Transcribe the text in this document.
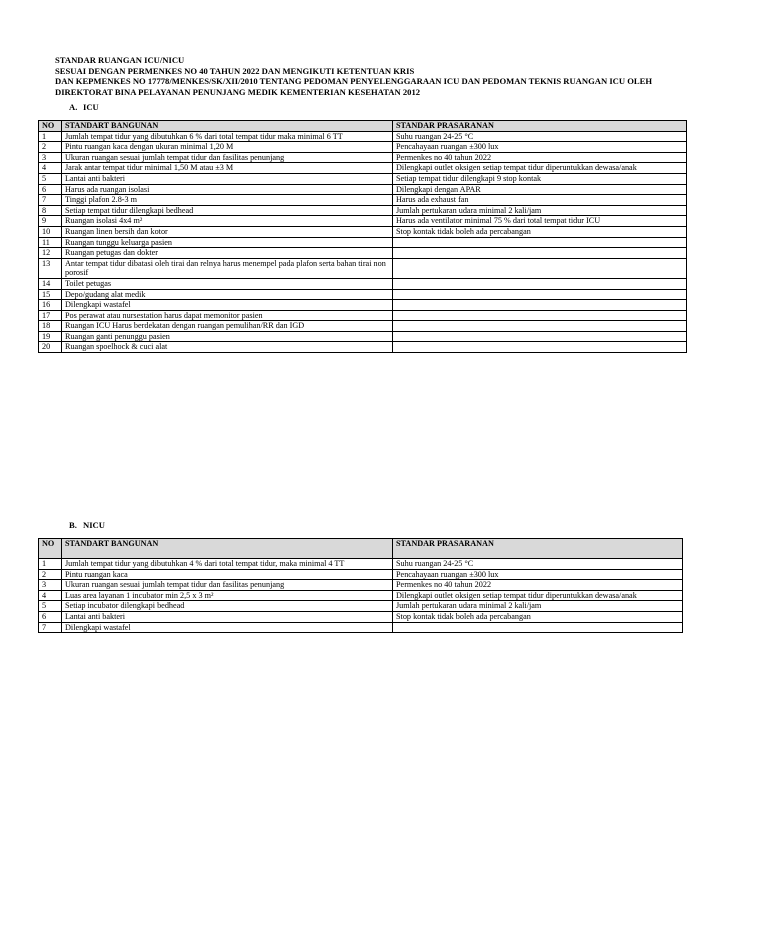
STANDAR RUANGAN ICU/NICU
SESUAI DENGAN PERMENKES NO 40 TAHUN 2022 DAN MENGIKUTI KETENTUAN KRIS
DAN KEPMENKES NO 17778/MENKES/SK/XII/2010 TENTANG PEDOMAN PENYELENGGARAAN ICU DAN PEDOMAN TEKNIS RUANGAN ICU OLEH
DIREKTORAT BINA PELAYANAN PENUNJANG MEDIK KEMENTERIAN KESEHATAN 2012
A. ICU
NO	STANDART BANGUNAN	STANDAR PRASARANAN
1	Jumlah tempat tidur yang dibutuhkan 6 % dari total tempat tidur maka minimal 6 TT	Suhu ruangan 24-25 °C
2	Pintu ruangan kaca dengan ukuran minimal 1,20 M	Pencahayaan ruangan ±300 lux
3	Ukuran ruangan sesuai jumlah tempat tidur dan fasilitas penunjang	Permenkes no 40 tahun 2022
4	Jarak antar tempat tidur minimal 1,50 M atau ±3 M	Dilengkapi outlet oksigen setiap tempat tidur diperuntukkan dewasa/anak
5	Lantai anti bakteri	Setiap tempat tidur dilengkapi 9 stop kontak
6	Harus ada ruangan isolasi	Dilengkapi dengan APAR
7	Tinggi plafon 2.8-3 m	Harus ada exhaust fan
8	Setiap tempat tidur dilengkapi bedhead	Jumlah pertukaran udara minimal 2 kali/jam
9	Ruangan isolasi 4x4 m²	Harus ada ventilator minimal 75 % dari total tempat tidur ICU
10	Ruangan linen bersih dan kotor	Stop kontak tidak boleh ada percabangan
11	Ruangan tunggu keluarga pasien	
12	Ruangan petugas dan dokter	
13	Antar tempat tidur dibatasi oleh tirai dan relnya harus menempel pada plafon serta bahan tirai non porosif	
14	Toilet petugas	
15	Depo/gudang alat medik	
16	Dilengkapi wastafel	
17	Pos perawat atau nursestation harus dapat memonitor pasien	
18	Ruangan ICU Harus berdekatan dengan ruangan pemulihan/RR dan IGD	
19	Ruangan ganti penunggu pasien	
20	Ruangan spoelhock & cuci alat	
B. NICU
NO	STANDART BANGUNAN	STANDAR PRASARANAN
1	Jumlah tempat tidur yang dibutuhkan 4 % dari total tempat tidur, maka minimal 4 TT	Suhu ruangan 24-25 °C
2	Pintu ruangan kaca	Pencahayaan ruangan ±300 lux
3	Ukuran ruangan sesuai jumlah tempat tidur dan fasilitas penunjang	Permenkes no 40 tahun 2022
4	Luas area layanan 1 incubator min 2,5 x 3 m²	Dilengkapi outlet oksigen setiap tempat tidur diperuntukkan dewasa/anak
5	Setiap incubator dilengkapi bedhead	Jumlah pertukaran udara minimal 2 kali/jam
6	Lantai anti bakteri	Stop kontak tidak boleh ada percabangan
7	Dilengkapi wastafel	
